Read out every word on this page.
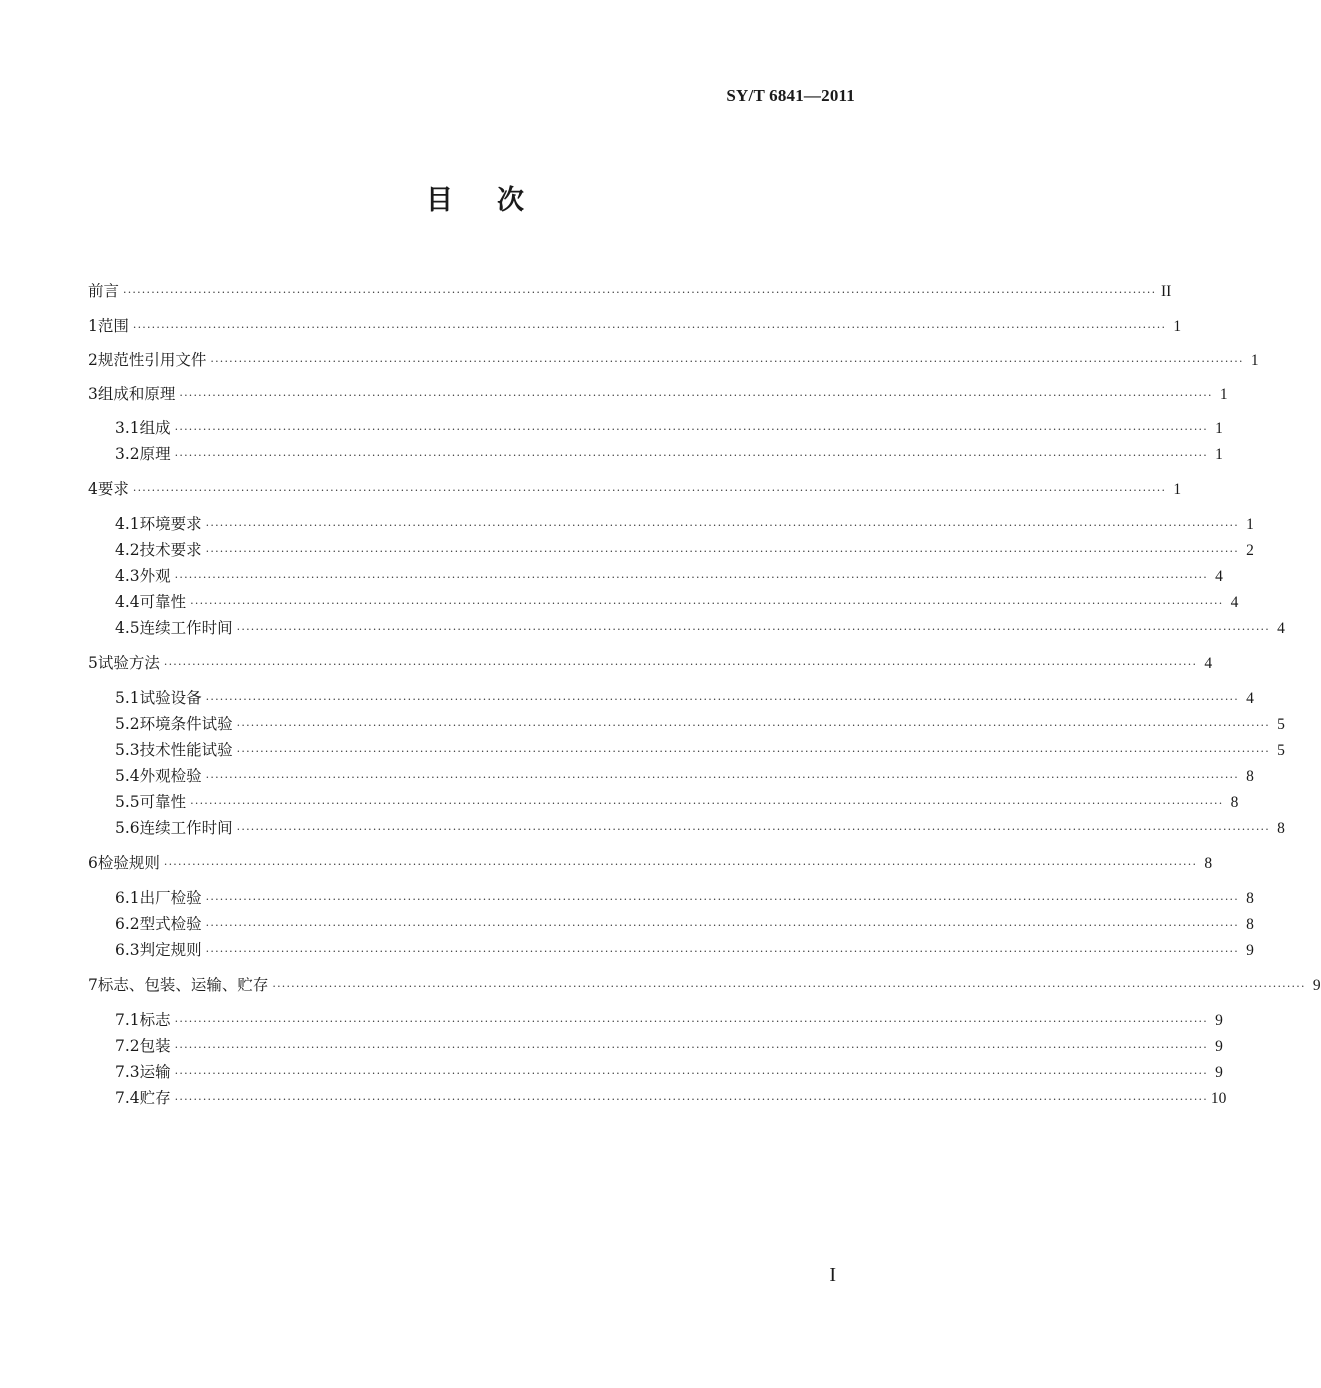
SY/T 6841—2011
目 次
前言 ···························································································································································································································· II
1 范围 ···························································································································································································································· 1
2 规范性引用文件 ···························································································································································································································· 1
3 组成和原理 ···························································································································································································································· 1
3.1 组成 ···························································································································································································································· 1
3.2 原理 ···························································································································································································································· 1
4 要求 ···························································································································································································································· 1
4.1 环境要求 ···························································································································································································································· 1
4.2 技术要求 ···························································································································································································································· 2
4.3 外观 ···························································································································································································································· 4
4.4 可靠性 ···························································································································································································································· 4
4.5 连续工作时间 ···························································································································································································································· 4
5 试验方法 ···························································································································································································································· 4
5.1 试验设备 ···························································································································································································································· 4
5.2 环境条件试验 ···························································································································································································································· 5
5.3 技术性能试验 ···························································································································································································································· 5
5.4 外观检验 ···························································································································································································································· 8
5.5 可靠性 ···························································································································································································································· 8
5.6 连续工作时间 ···························································································································································································································· 8
6 检验规则 ···························································································································································································································· 8
6.1 出厂检验 ···························································································································································································································· 8
6.2 型式检验 ···························································································································································································································· 8
6.3 判定规则 ···························································································································································································································· 9
7 标志、包装、运输、贮存 ···························································································································································································································· 9
7.1 标志 ···························································································································································································································· 9
7.2 包装 ···························································································································································································································· 9
7.3 运输 ···························································································································································································································· 9
7.4 贮存 ···························································································································································································································· 10
I
